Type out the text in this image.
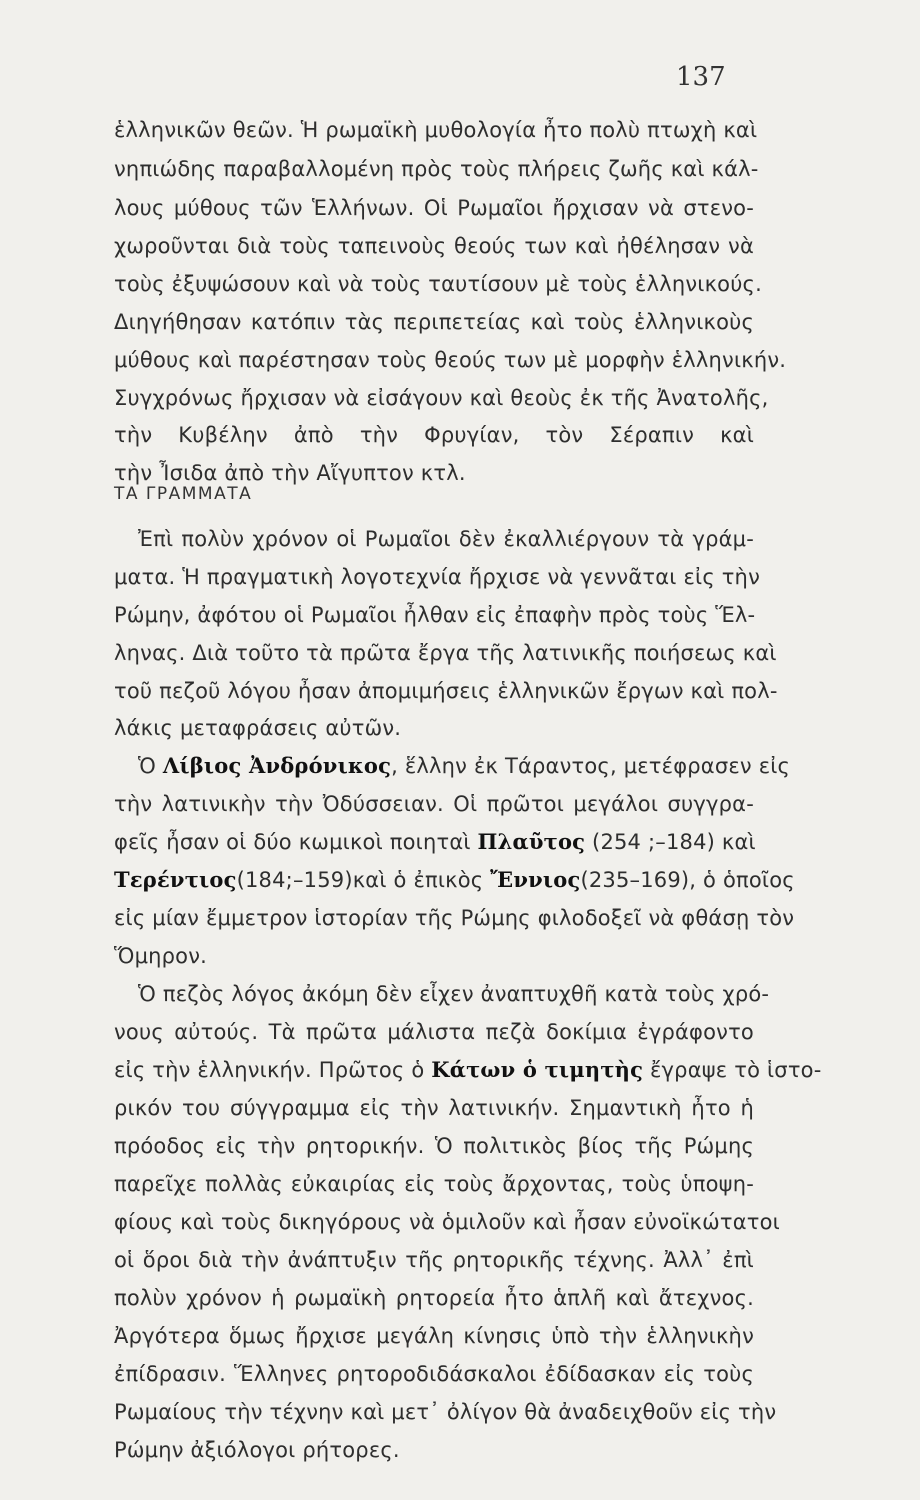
137
ἑλληνικῶν θεῶν. Ἡ ρωμαϊκὴ μυθολογία ἦτο πολὺ πτωχὴ καὶ
νηπιώδης παραβαλλομένη πρὸς τοὺς πλήρεις ζωῆς καὶ κάλ-
λους μύθους τῶν Ἑλλήνων. Οἱ Ρωμαῖοι ἤρχισαν νὰ στενο-
χωροῦνται διὰ τοὺς ταπεινοὺς θεούς των καὶ ἠθέλησαν νὰ
τοὺς ἐξυψώσουν καὶ νὰ τοὺς ταυτίσουν μὲ τοὺς ἑλληνικούς.
Διηγήθησαν κατόπιν τὰς περιπετείας καὶ τοὺς ἑλληνικοὺς
μύθους καὶ παρέστησαν τοὺς θεούς των μὲ μορφὴν ἑλληνικήν.
Συγχρόνως ἤρχισαν νὰ εἰσάγουν καὶ θεοὺς ἐκ τῆς Ἀνατολῆς,
τὴν Κυβέλην ἀπὸ τὴν Φρυγίαν, τὸν Σέραπιν καὶ
τὴν Ἶσιδα ἀπὸ τὴν Αἴγυπτον κτλ.
ΤΑ ΓΡΑΜΜΑΤΑ
Ἐπὶ πολὺν χρόνον οἱ Ρωμαῖοι δὲν ἐκαλλιέργουν τὰ γράμ-
ματα. Ἡ πραγματικὴ λογοτεχνία ἤρχισε νὰ γεννᾶται εἰς τὴν
Ρώμην, ἀφότου οἱ Ρωμαῖοι ἦλθαν εἰς ἐπαφὴν πρὸς τοὺς Ἕλ-
ληνας. Διὰ τοῦτο τὰ πρῶτα ἔργα τῆς λατινικῆς ποιήσεως καὶ
τοῦ πεζοῦ λόγου ἦσαν ἀπομιμήσεις ἑλληνικῶν ἔργων καὶ πολ-
λάκις μεταφράσεις αὐτῶν.
Ὁ Λίβιος Ἀνδρόνικος, ἕλλην ἐκ Τάραντος, μετέφρασεν εἰς
τὴν λατινικὴν τὴν Ὀδύσσειαν. Οἱ πρῶτοι μεγάλοι συγγρα-
φεῖς ἦσαν οἱ δύο κωμικοὶ ποιηταὶ Πλαῦτος (254 ;–184) καὶ
Τερέντιος(184;–159)καὶ ὁ ἐπικὸς Ἔννιος(235–169), ὁ ὁποῖος
εἰς μίαν ἔμμετρον ἱστορίαν τῆς Ρώμης φιλοδοξεῖ νὰ φθάσῃ τὸν
Ὅμηρον.
Ὁ πεζὸς λόγος ἀκόμη δὲν εἶχεν ἀναπτυχθῆ κατὰ τοὺς χρό-
νους αὐτούς. Τὰ πρῶτα μάλιστα πεζὰ δοκίμια ἐγράφοντο
εἰς τὴν ἑλληνικήν. Πρῶτος ὁ Κάτων ὁ τιμητὴς ἔγραψε τὸ ἱστο-
ρικόν του σύγγραμμα εἰς τὴν λατινικήν. Σημαντικὴ ἦτο ἡ
πρόοδος εἰς τὴν ρητορικήν. Ὁ πολιτικὸς βίος τῆς Ρώμης
παρεῖχε πολλὰς εὐκαιρίας εἰς τοὺς ἄρχοντας, τοὺς ὑποψη-
φίους καὶ τοὺς δικηγόρους νὰ ὁμιλοῦν καὶ ἦσαν εὐνοϊκώτατοι
οἱ ὅροι διὰ τὴν ἀνάπτυξιν τῆς ρητορικῆς τέχνης. Ἀλλ᾽ ἐπὶ
πολὺν χρόνον ἡ ρωμαϊκὴ ρητορεία ἦτο ἁπλῆ καὶ ἄτεχνος.
Ἀργότερα ὅμως ἤρχισε μεγάλη κίνησις ὑπὸ τὴν ἑλληνικὴν
ἐπίδρασιν. Ἕλληνες ρητοροδιδάσκαλοι ἐδίδασκαν εἰς τοὺς
Ρωμαίους τὴν τέχνην καὶ μετ᾽ ὀλίγον θὰ ἀναδειχθοῦν εἰς τὴν
Ρώμην ἀξιόλογοι ρήτορες.
